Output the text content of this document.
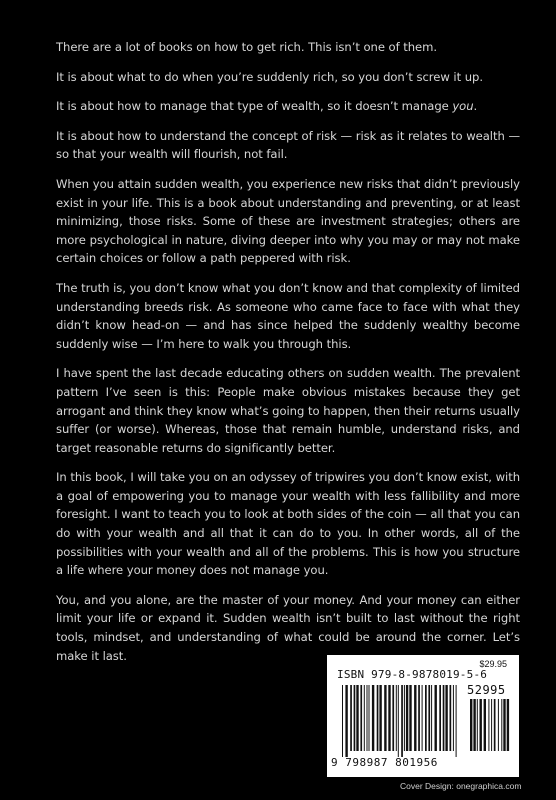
There are a lot of books on how to get rich. This isn’t one of them.

It is about what to do when you’re suddenly rich, so you don’t screw it up.

It is about how to manage that type of wealth, so it doesn’t manage you.

It is about how to understand the concept of risk — risk as it relates to wealth — so that your wealth will flourish, not fail.

When you attain sudden wealth, you experience new risks that didn’t previously exist in your life. This is a book about understanding and preventing, or at least minimizing, those risks. Some of these are investment strategies; others are more psychological in nature, diving deeper into why you may or may not make certain choices or follow a path peppered with risk.

The truth is, you don’t know what you don’t know and that complexity of limited understanding breeds risk. As someone who came face to face with what they didn’t know head-on — and has since helped the suddenly wealthy become suddenly wise — I’m here to walk you through this.

I have spent the last decade educating others on sudden wealth. The prevalent pattern I’ve seen is this: People make obvious mistakes because they get arrogant and think they know what’s going to happen, then their returns usually suffer (or worse). Whereas, those that remain humble, understand risks, and target reasonable returns do significantly better.

In this book, I will take you on an odyssey of tripwires you don’t know exist, with a goal of empowering you to manage your wealth with less fallibility and more foresight. I want to teach you to look at both sides of the coin — all that you can do with your wealth and all that it can do to you. In other words, all of the possibilities with your wealth and all of the problems. This is how you structure a life where your money does not manage you.

You, and you alone, are the master of your money. And your money can either limit your life or expand it. Sudden wealth isn’t built to last without the right tools, mindset, and understanding of what could be around the corner. Let’s make it last.

$29.95
ISBN 979-8-9878019-5-6
52995
9 798987 801956
Cover Design: onegraphica.com
